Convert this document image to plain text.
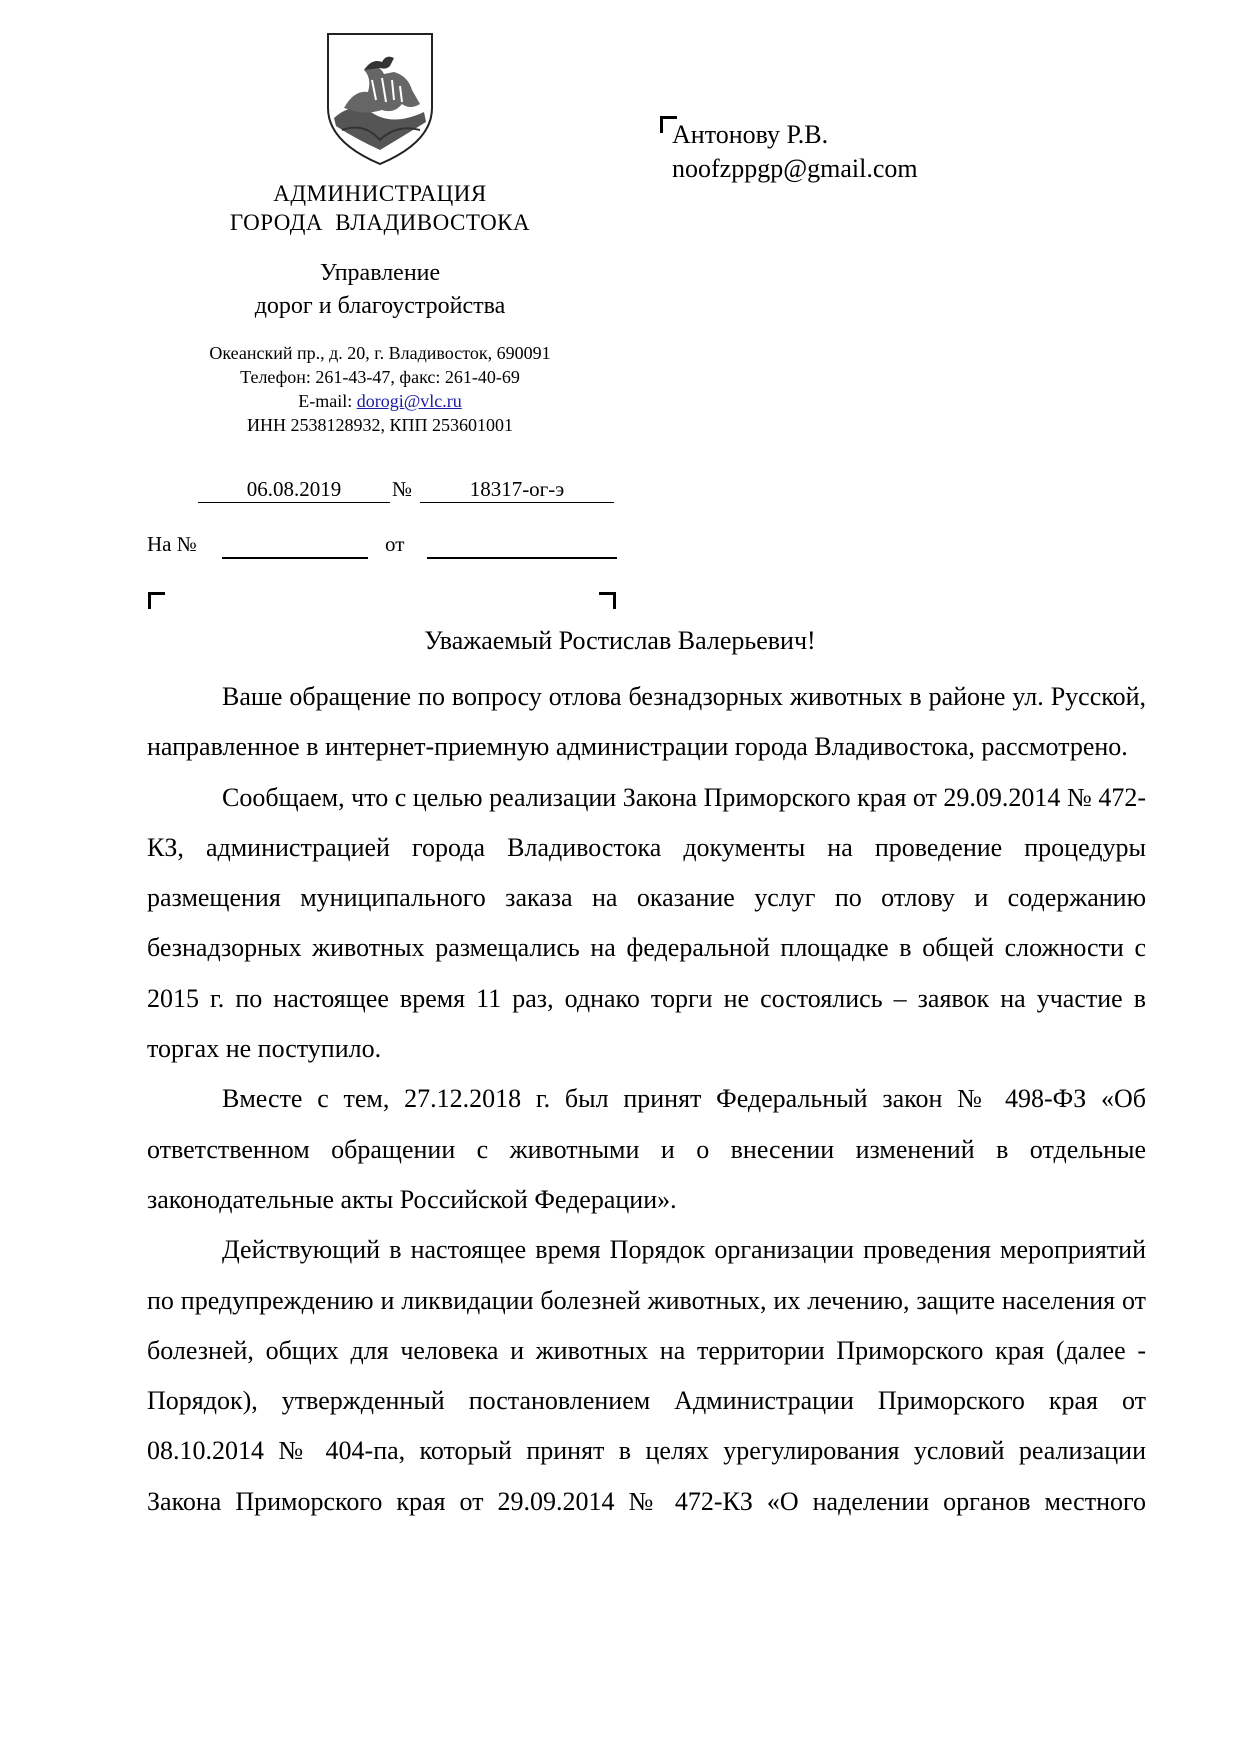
АДМИНИСТРАЦИЯ
ГОРОДА ВЛАДИВОСТОКА
Управление
дорог и благоустройства
Океанский пр., д. 20, г. Владивосток, 690091
Телефон: 261-43-47, факс: 261-40-69
E-mail: dorogi@vlc.ru
ИНН 2538128932, КПП 253601001
06.08.2019	№	18317-ог-э
На №	от
Антонову Р.В.
noofzppgp@gmail.com
Уважаемый Ростислав Валерьевич!

Ваше обращение по вопросу отлова безнадзорных животных в районе ул. Русской, направленное в интернет-приемную администрации города Владивостока, рассмотрено.

Сообщаем, что с целью реализации Закона Приморского края от 29.09.2014 № 472-КЗ, администрацией города Владивостока документы на проведение процедуры размещения муниципального заказа на оказание услуг по отлову и содержанию безнадзорных животных размещались на федеральной площадке в общей сложности с 2015 г. по настоящее время 11 раз, однако торги не состоялись – заявок на участие в торгах не поступило.

Вместе с тем, 27.12.2018 г. был принят Федеральный закон № 498-ФЗ «Об ответственном обращении с животными и о внесении изменений в отдельные законодательные акты Российской Федерации».

Действующий в настоящее время Порядок организации проведения мероприятий по предупреждению и ликвидации болезней животных, их лечению, защите населения от болезней, общих для человека и животных на территории Приморского края (далее - Порядок), утвержденный постановлением Администрации Приморского края от 08.10.2014 № 404-па, который принят в целях урегулирования условий реализации Закона Приморского края от 29.09.2014 № 472-КЗ «О наделении органов местного
